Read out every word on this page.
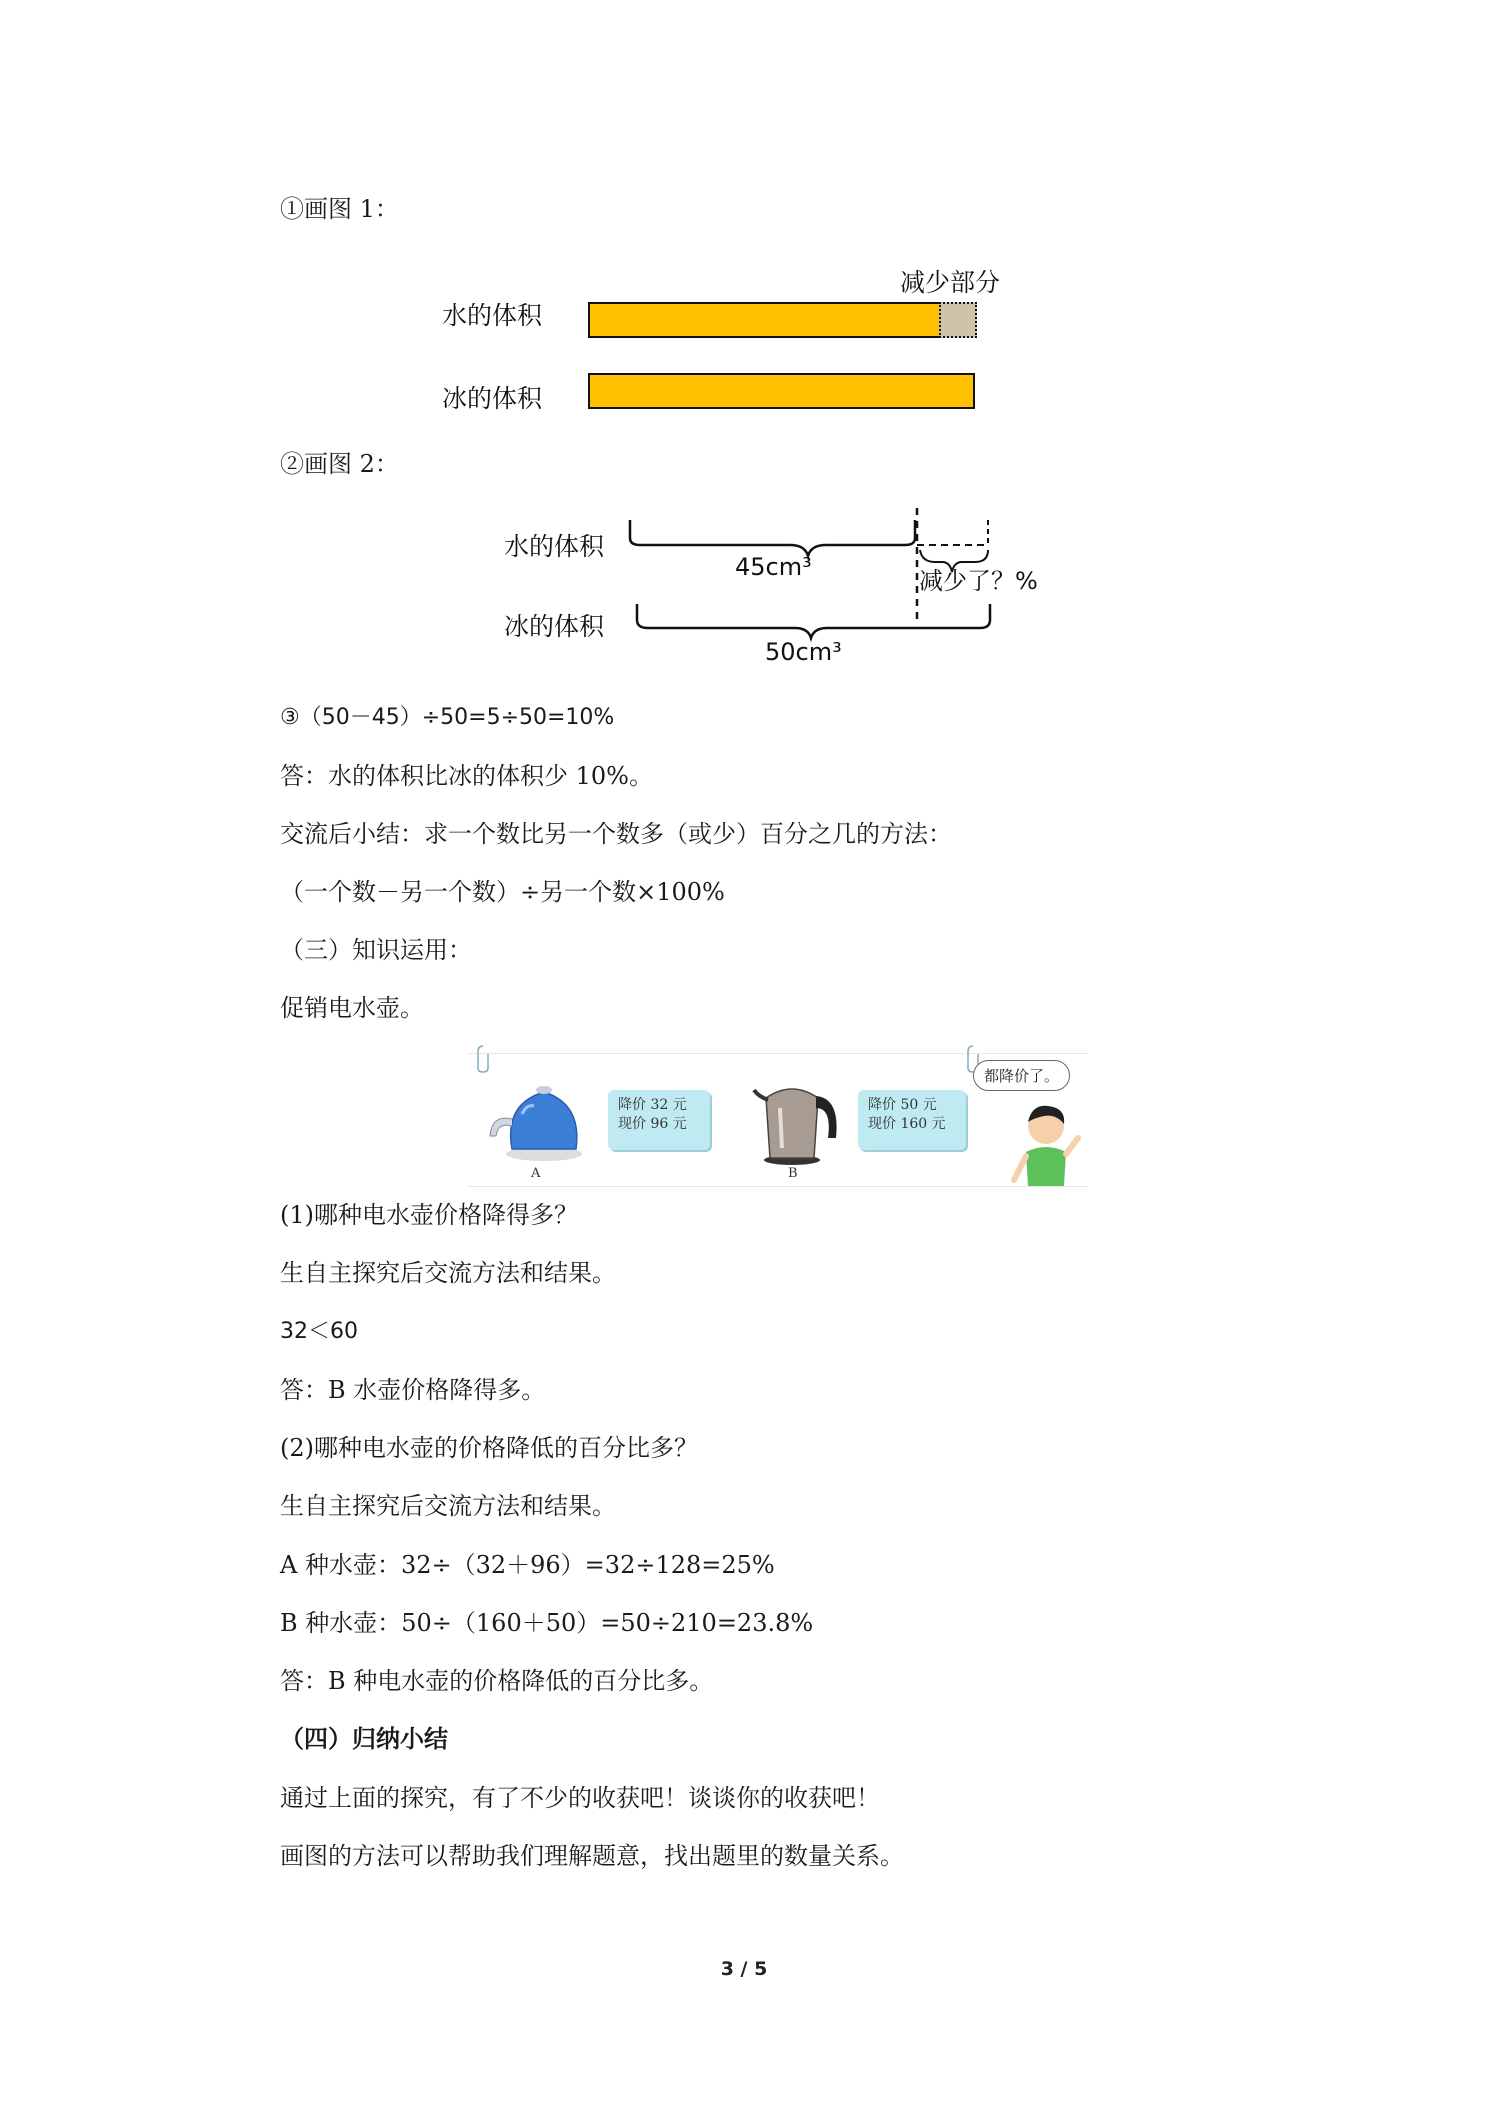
①画图 1：
减少部分
水的体积
冰的体积
②画图 2：
水的体积
冰的体积
45cm³	减少了？%
50cm³
③（50－45）÷50=5÷50=10%
答：水的体积比冰的体积少 10%。
交流后小结：求一个数比另一个数多（或少）百分之几的方法：
（一个数－另一个数）÷另一个数×100%
（三）知识运用：
促销电水壶。
降价 32 元
现价 96 元
A
降价 50 元
现价 160 元
B
都降价了。
(1)哪种电水壶价格降得多？
生自主探究后交流方法和结果。
32＜60
答：B 水壶价格降得多。
(2)哪种电水壶的价格降低的百分比多？
生自主探究后交流方法和结果。
A 种水壶：32÷（32＋96）=32÷128=25%
B 种水壶：50÷（160＋50）=50÷210=23.8%
答：B 种电水壶的价格降低的百分比多。
（四）归纳小结
通过上面的探究，有了不少的收获吧！谈谈你的收获吧！
画图的方法可以帮助我们理解题意，找出题里的数量关系。
3 / 5
